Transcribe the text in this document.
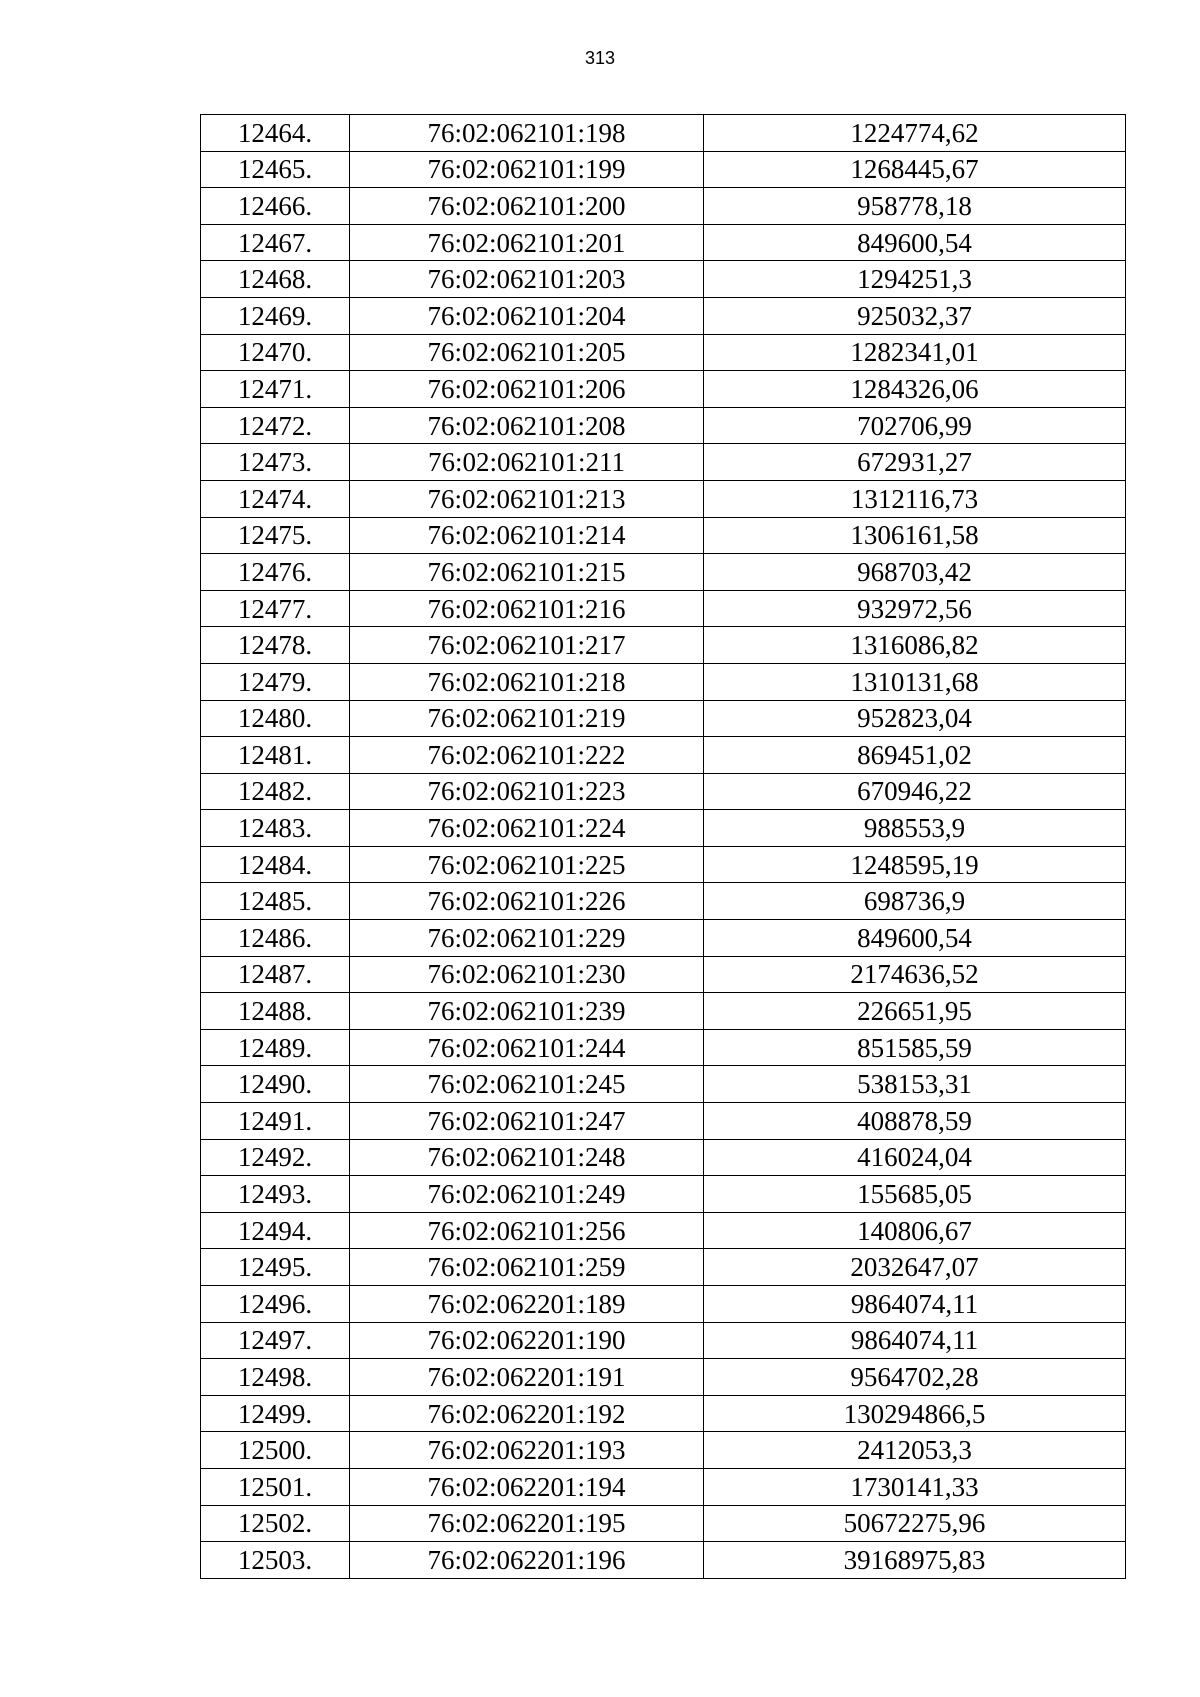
313
12464.	76:02:062101:198	1224774,62
12465.	76:02:062101:199	1268445,67
12466.	76:02:062101:200	958778,18
12467.	76:02:062101:201	849600,54
12468.	76:02:062101:203	1294251,3
12469.	76:02:062101:204	925032,37
12470.	76:02:062101:205	1282341,01
12471.	76:02:062101:206	1284326,06
12472.	76:02:062101:208	702706,99
12473.	76:02:062101:211	672931,27
12474.	76:02:062101:213	1312116,73
12475.	76:02:062101:214	1306161,58
12476.	76:02:062101:215	968703,42
12477.	76:02:062101:216	932972,56
12478.	76:02:062101:217	1316086,82
12479.	76:02:062101:218	1310131,68
12480.	76:02:062101:219	952823,04
12481.	76:02:062101:222	869451,02
12482.	76:02:062101:223	670946,22
12483.	76:02:062101:224	988553,9
12484.	76:02:062101:225	1248595,19
12485.	76:02:062101:226	698736,9
12486.	76:02:062101:229	849600,54
12487.	76:02:062101:230	2174636,52
12488.	76:02:062101:239	226651,95
12489.	76:02:062101:244	851585,59
12490.	76:02:062101:245	538153,31
12491.	76:02:062101:247	408878,59
12492.	76:02:062101:248	416024,04
12493.	76:02:062101:249	155685,05
12494.	76:02:062101:256	140806,67
12495.	76:02:062101:259	2032647,07
12496.	76:02:062201:189	9864074,11
12497.	76:02:062201:190	9864074,11
12498.	76:02:062201:191	9564702,28
12499.	76:02:062201:192	130294866,5
12500.	76:02:062201:193	2412053,3
12501.	76:02:062201:194	1730141,33
12502.	76:02:062201:195	50672275,96
12503.	76:02:062201:196	39168975,83
